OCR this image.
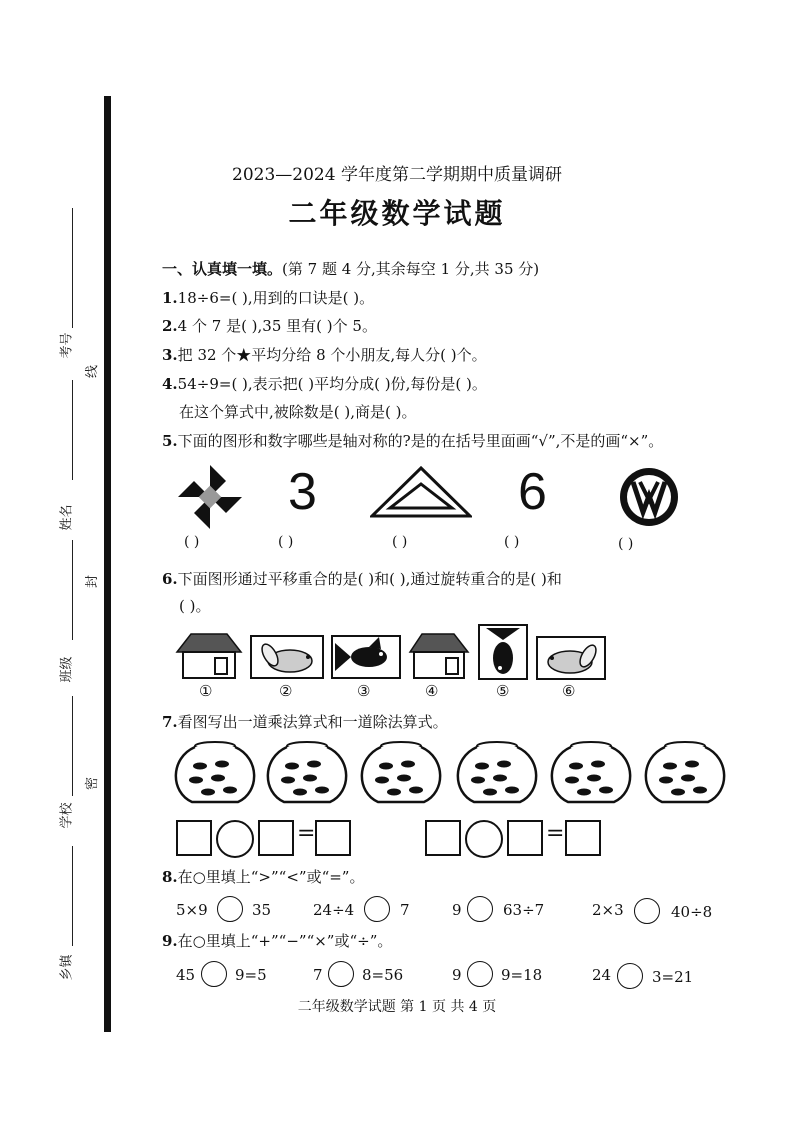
考号
姓名
班级
学校
乡镇
线
封
密
2023—2024 学年度第二学期期中质量调研
二年级数学试题
一、认真填一填。(第 7 题 4 分,其余每空 1 分,共 35 分)
1.18÷6=( ),用到的口诀是( )。
2.4 个 7 是( ),35 里有( )个 5。
3.把 32 个★平均分给 8 个小朋友,每人分( )个。
4.54÷9=( ),表示把( )平均分成( )份,每份是( )。
在这个算式中,被除数是( ),商是( )。
5.下面的图形和数字哪些是轴对称的?是的在括号里面画“√”,不是的画“×”。
3	6
( )	( )	( )	( )	( )
6.下面图形通过平移重合的是( )和( ),通过旋转重合的是( )和
( )。
①	②	③	④	⑤	⑥
7.看图写出一道乘法算式和一道除法算式。
=	=
8.在○里填上“>”“<”或“=”。
5×9	35	24÷4	7	9	63÷7	2×3	40÷8
9.在○里填上“+”“−”“×”或“÷”。
45	9=5	7	8=56	9	9=18	24	3=21
二年级数学试题 第 1 页 共 4 页
